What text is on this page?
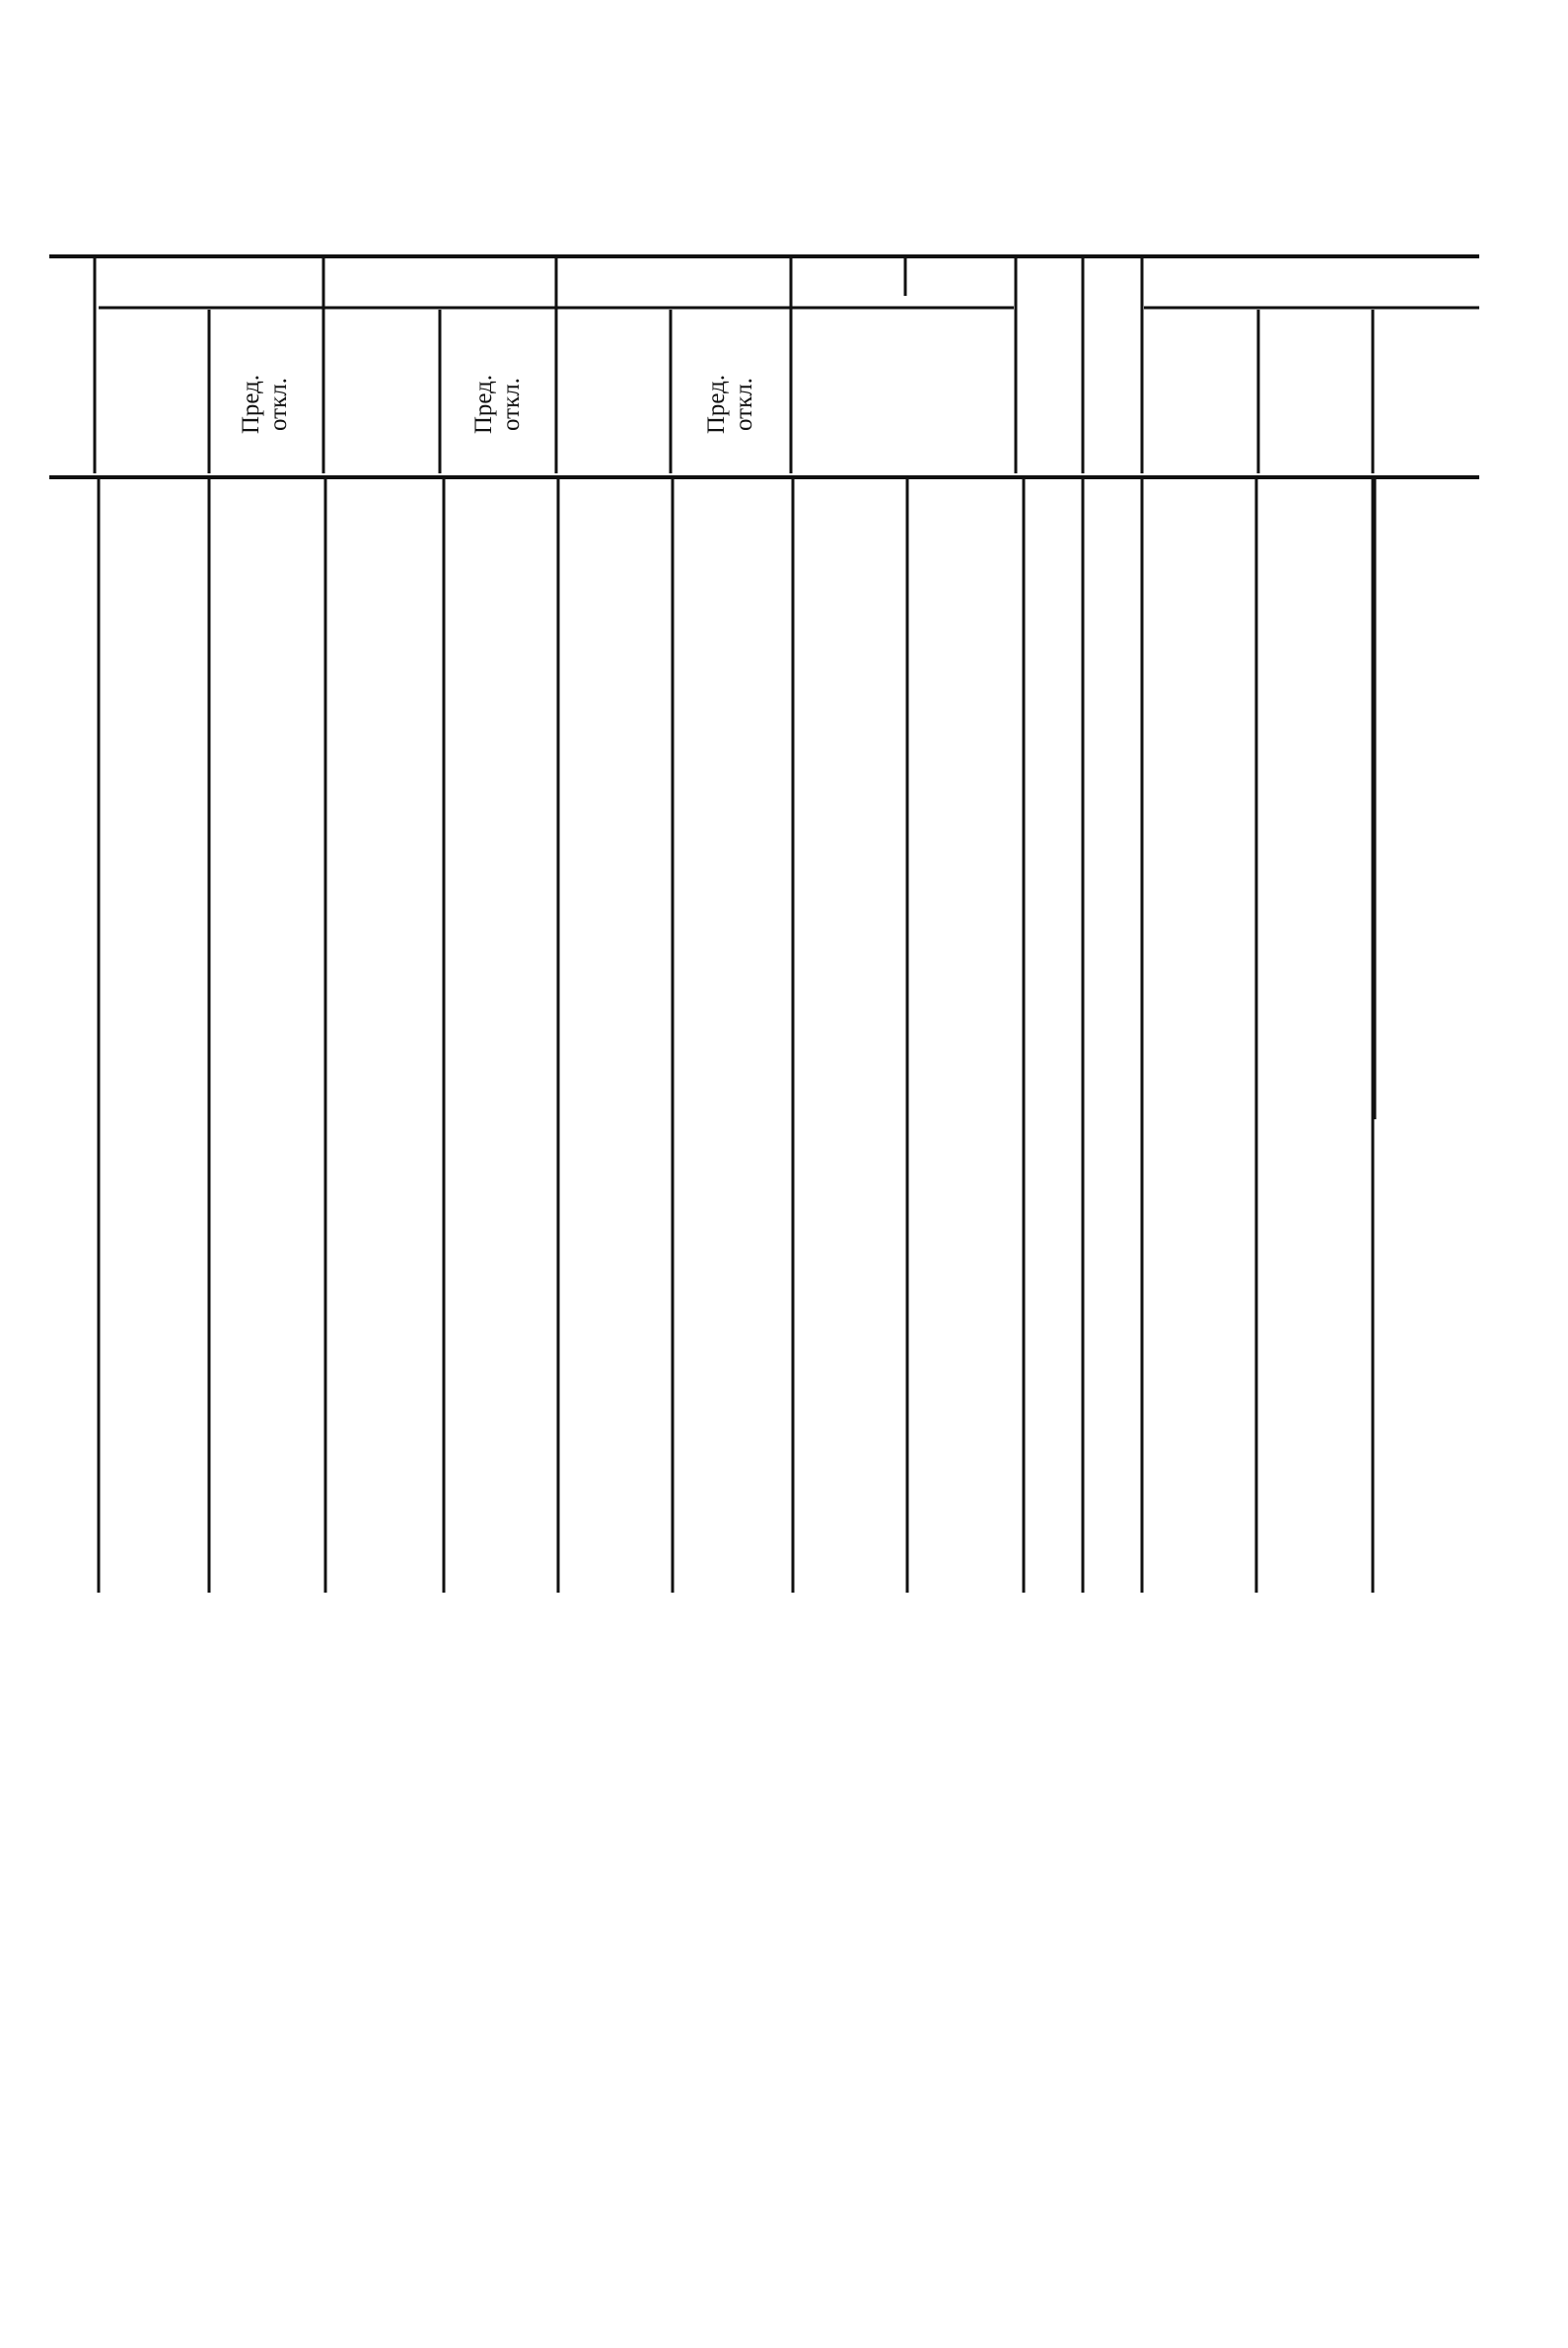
Пред. откл.	Пред. откл.	Пред. откл.
